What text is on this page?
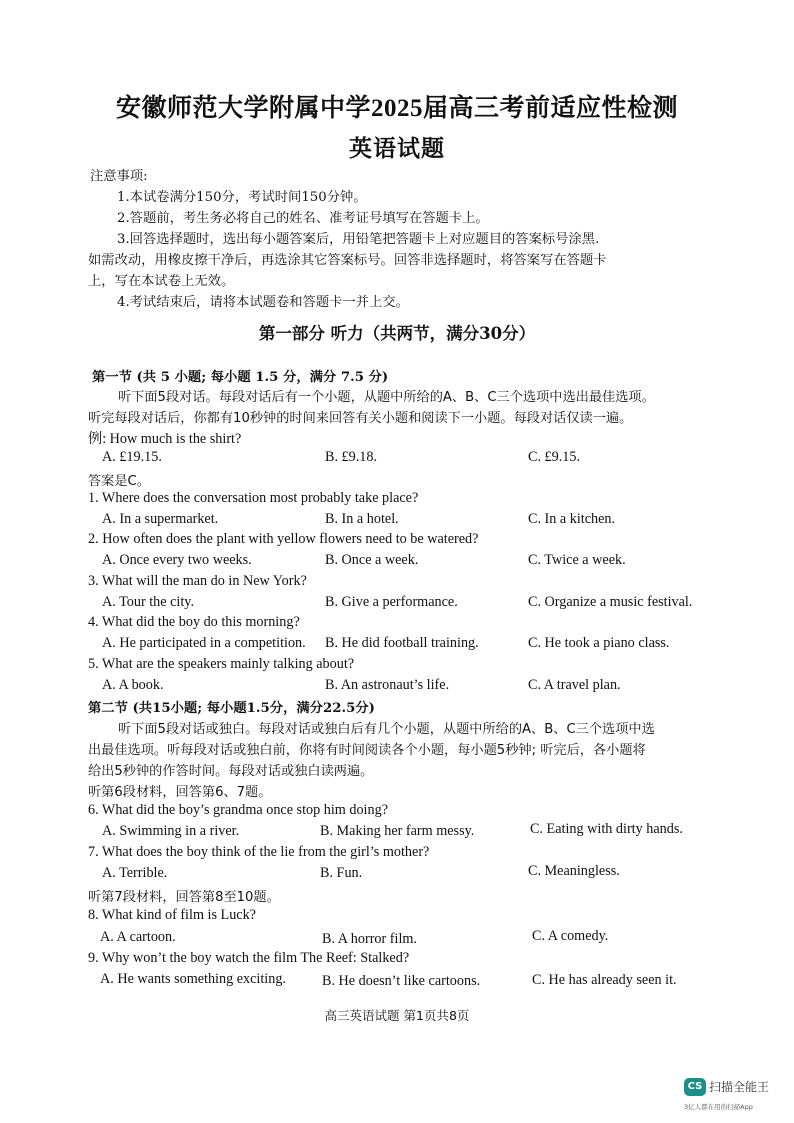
安徽师范大学附属中学2025届高三考前适应性检测
英语试题
注意事项:
1.本试卷满分150分，考试时间150分钟。
2.答题前，考生务必将自己的姓名、准考证号填写在答题卡上。
3.回答选择题时，选出每小题答案后，用铅笔把答题卡上对应题目的答案标号涂黑.
如需改动，用橡皮擦干净后，再选涂其它答案标号。回答非选择题时，将答案写在答题卡
上，写在本试卷上无效。
4.考试结束后，请将本试题卷和答题卡一并上交。
第一部分 听力（共两节，满分30分）
第一节 (共 5 小题; 每小题 1.5 分，满分 7.5 分)
听下面5段对话。每段对话后有一个小题，从题中所给的A、B、C三个选项中选出最佳选项。
听完每段对话后，你都有10秒钟的时间来回答有关小题和阅读下一小题。每段对话仅读一遍。
例: How much is the shirt?
A. £19.15.	B. £9.18.	C. £9.15.
答案是C。
1. Where does the conversation most probably take place?
A. In a supermarket.	B. In a hotel.	C. In a kitchen.
2. How often does the plant with yellow flowers need to be watered?
A. Once every two weeks.	B. Once a week.	C. Twice a week.
3. What will the man do in New York?
A. Tour the city.	B. Give a performance.	C. Organize a music festival.
4. What did the boy do this morning?
A. He participated in a competition. B. He did football training.	C. He took a piano class.
5. What are the speakers mainly talking about?
A. A book.	B. An astronaut’s life.	C. A travel plan.
第二节 (共15小题; 每小题1.5分，满分22.5分)
听下面5段对话或独白。每段对话或独白后有几个小题，从题中所给的A、B、C三个选项中选
出最佳选项。听每段对话或独白前，你将有时间阅读各个小题，每小题5秒钟; 听完后，各小题将
给出5秒钟的作答时间。每段对话或独白读两遍。
听第6段材料，回答第6、7题。
6. What did the boy’s grandma once stop him doing?
A. Swimming in a river.	B. Making her farm messy.	C. Eating with dirty hands.
7. What does the boy think of the lie from the girl’s mother?
A. Terrible.	B. Fun.	C. Meaningless.
听第7段材料，回答第8至10题。
8. What kind of film is Luck?
A. A cartoon.	B. A horror film.	C. A comedy.
9. Why won’t the boy watch the film The Reef: Stalked?
A. He wants something exciting.	B. He doesn’t like cartoons.	C. He has already seen it.
高三英语试题 第1页共8页
CS 扫描全能王
3亿人都在用的扫描App
